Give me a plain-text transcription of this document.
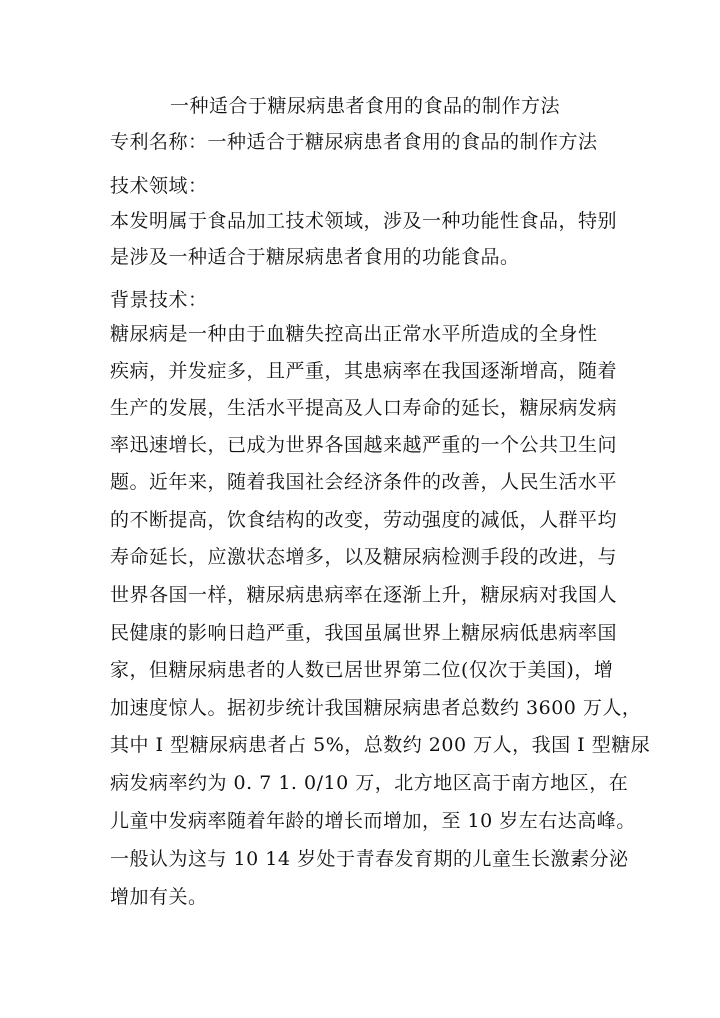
一种适合于糖尿病患者食用的食品的制作方法
专利名称：一种适合于糖尿病患者食用的食品的制作方法
技术领域：
本发明属于食品加工技术领域，涉及一种功能性食品，特别
是涉及一种适合于糖尿病患者食用的功能食品。
背景技术：
糖尿病是一种由于血糖失控高出正常水平所造成的全身性
疾病，并发症多，且严重，其患病率在我国逐渐增高，随着
生产的发展，生活水平提高及人口寿命的延长，糖尿病发病
率迅速增长，已成为世界各国越来越严重的一个公共卫生问
题。近年来，随着我国社会经济条件的改善，人民生活水平
的不断提高，饮食结构的改变，劳动强度的减低，人群平均
寿命延长，应激状态增多，以及糖尿病检测手段的改进，与
世界各国一样，糖尿病患病率在逐渐上升，糖尿病对我国人
民健康的影响日趋严重，我国虽属世界上糖尿病低患病率国
家，但糖尿病患者的人数已居世界第二位(仅次于美国)，增
加速度惊人。据初步统计我国糖尿病患者总数约 3600 万人，
其中 I 型糖尿病患者占 5%，总数约 200 万人，我国 I 型糖尿
病发病率约为 0. 7 1. 0/10 万，北方地区高于南方地区，在
儿童中发病率随着年龄的增长而增加，至 10 岁左右达高峰。
一般认为这与 10 14 岁处于青春发育期的儿童生长激素分泌
增加有关。
